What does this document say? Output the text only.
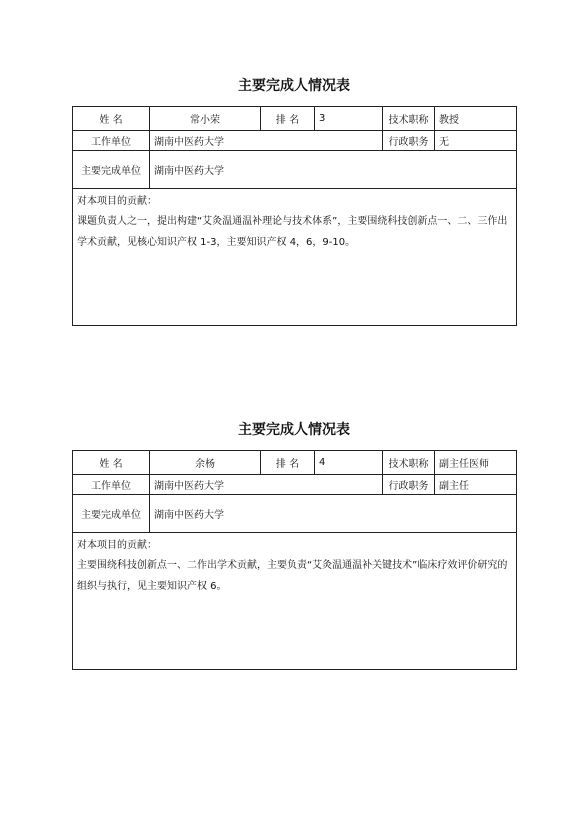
主要完成人情况表
姓 名	常小荣	排 名	3	技术职称	教授
工作单位	湖南中医药大学			行政职务	无
主要完成单位	湖南中医药大学				

对本项目的贡献：
课题负责人之一，提出构建“艾灸温通温补理论与技术体系”，主要围绕科技创新点一、二、三作出学术贡献，见核心知识产权 1-3，主要知识产权 4，6，9-10。					
主要完成人情况表
姓 名	余杨	排 名	4	技术职称	副主任医师
工作单位	湖南中医药大学			行政职务	副主任
主要完成单位	湖南中医药大学				

对本项目的贡献：
主要围绕科技创新点一、二作出学术贡献，主要负责“艾灸温通温补关键技术”临床疗效评价研究的组织与执行，见主要知识产权 6。					
